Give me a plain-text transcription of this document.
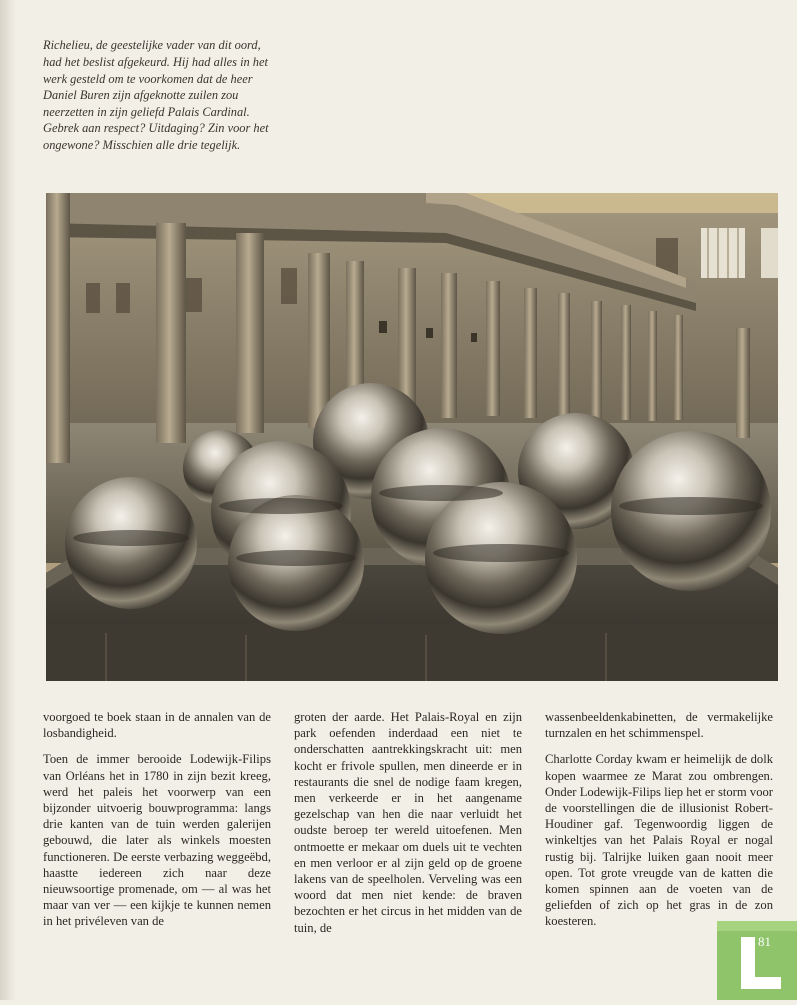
Richelieu, de geestelijke vader van dit oord, had het beslist afgekeurd. Hij had alles in het werk gesteld om te voorkomen dat de heer Daniel Buren zijn afgeknotte zuilen zou neerzetten in zijn geliefd Palais Cardinal. Gebrek aan respect? Uitdaging? Zin voor het ongewone? Misschien alle drie tegelijk.

voorgoed te boek staan in de annalen van de losbandigheid.

Toen de immer berooide Lodewijk-Filips van Orléans het in 1780 in zijn bezit kreeg, werd het paleis het voorwerp van een bijzonder uitvoerig bouwprogramma: langs drie kanten van de tuin werden galerijen gebouwd, die later als winkels moesten functioneren. De eerste verbazing weggeëbd, haastte iedereen zich naar deze nieuwsoortige promenade, om — al was het maar van ver — een kijkje te kunnen nemen in het privéleven van de

groten der aarde. Het Palais-Royal en zijn park oefenden inderdaad een niet te onderschatten aantrekkingskracht uit: men kocht er frivole spullen, men dineerde er in restaurants die snel de nodige faam kregen, men verkeerde er in het aangename gezelschap van hen die naar verluidt het oudste beroep ter wereld uitoefenen. Men ontmoette er mekaar om duels uit te vechten en men verloor er al zijn geld op de groene lakens van de speelholen. Verveling was een woord dat men niet kende: de braven bezochten er het circus in het midden van de tuin, de

wassenbeeldenkabinetten, de vermakelijke turnzalen en het schimmenspel.

Charlotte Corday kwam er heimelijk de dolk kopen waarmee ze Marat zou ombrengen. Onder Lodewijk-Filips liep het er storm voor de voorstellingen die de illusionist Robert-Houdiner gaf. Tegenwoordig liggen de winkeltjes van het Palais Royal er nogal rustig bij. Talrijke luiken gaan nooit meer open. Tot grote vreugde van de katten die komen spinnen aan de voeten van de geliefden of zich op het gras in de zon koesteren.

81
